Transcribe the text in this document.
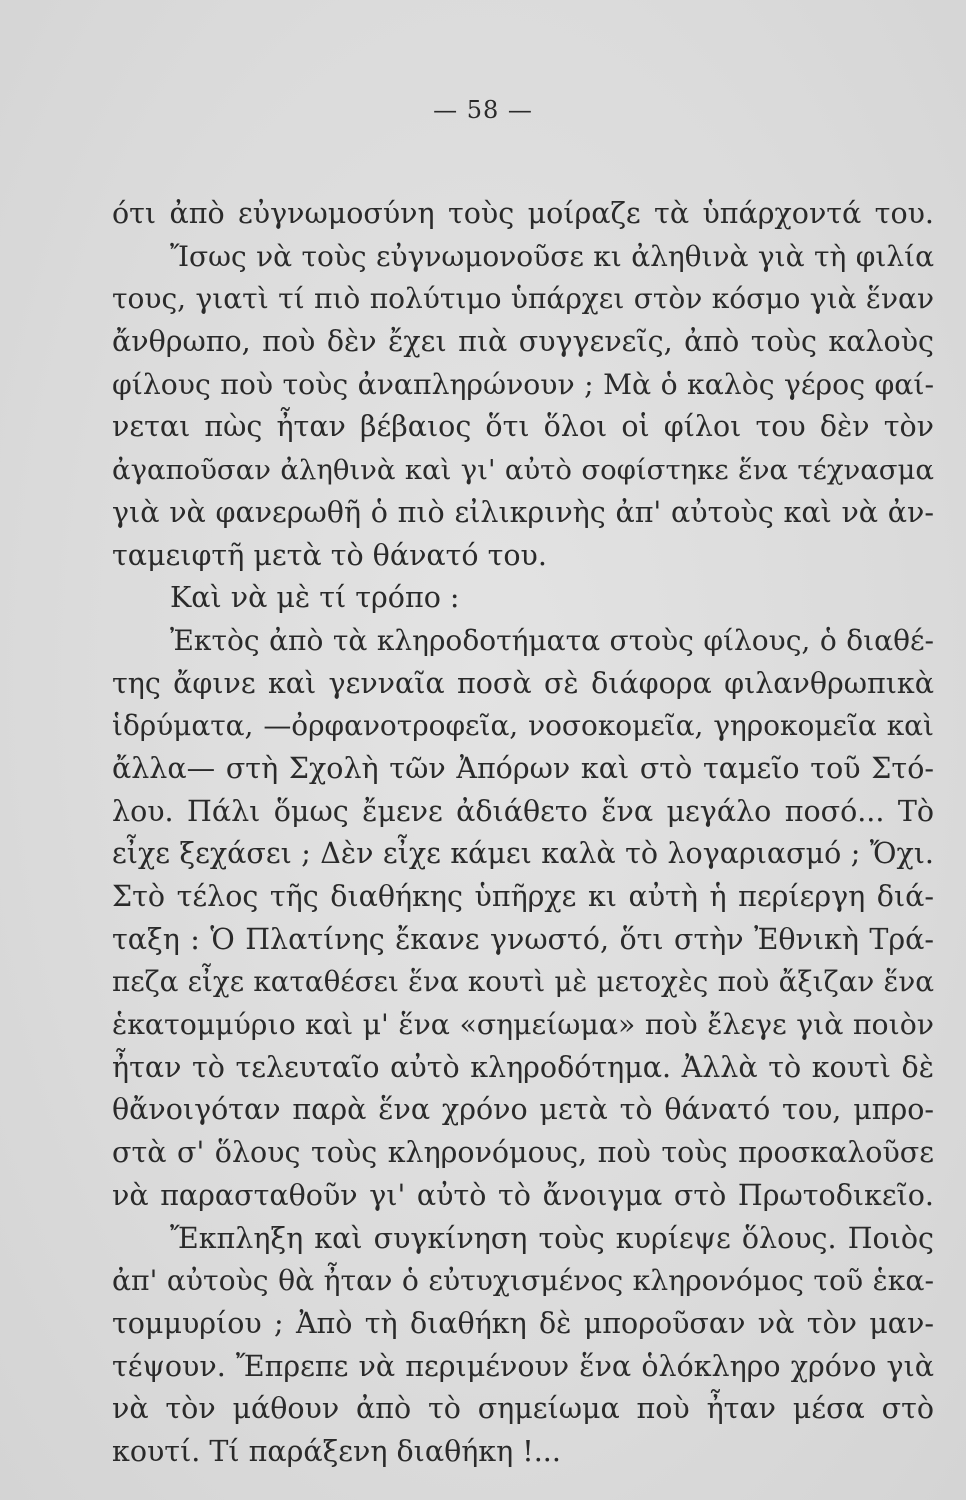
— 58 —
ότι ἀπὸ εὐγνωμοσύνη τοὺς μοίραζε τὰ ὑπάρχοντά του.
Ἴσως νὰ τοὺς εὐγνωμονοῦσε κι ἀληθινὰ γιὰ τὴ φιλία
τους, γιατὶ τί πιὸ πολύτιμο ὑπάρχει στὸν κόσμο γιὰ ἕναν
ἄνθρωπο, ποὺ δὲν ἔχει πιὰ συγγενεῖς, ἀπὸ τοὺς καλοὺς
φίλους ποὺ τοὺς ἀναπληρώνουν ; Μὰ ὁ καλὸς γέρος φαί-
νεται πὼς ἦταν βέβαιος ὅτι ὅλοι οἱ φίλοι του δὲν τὸν
ἀγαποῦσαν ἀληθινὰ καὶ γι' αὐτὸ σοφίστηκε ἕνα τέχνασμα
γιὰ νὰ φανερωθῆ ὁ πιὸ εἰλικρινὴς ἀπ' αὐτοὺς καὶ νὰ ἀν-
ταμειφτῆ μετὰ τὸ θάνατό του.
Καὶ νὰ μὲ τί τρόπο :
Ἐκτὸς ἀπὸ τὰ κληροδοτήματα στοὺς φίλους, ὁ διαθέ-
της ἄφινε καὶ γενναῖα ποσὰ σὲ διάφορα φιλανθρωπικὰ
ἱδρύματα, —ὀρφανοτροφεῖα, νοσοκομεῖα, γηροκομεῖα καὶ
ἄλλα— στὴ Σχολὴ τῶν Ἀπόρων καὶ στὸ ταμεῖο τοῦ Στό-
λου. Πάλι ὅμως ἔμενε ἀδιάθετο ἕνα μεγάλο ποσό... Τὸ
εἶχε ξεχάσει ; Δὲν εἶχε κάμει καλὰ τὸ λογαριασμό ; Ὄχι.
Στὸ τέλος τῆς διαθήκης ὑπῆρχε κι αὐτὴ ἡ περίεργη διά-
ταξη : Ὁ Πλατίνης ἔκανε γνωστό, ὅτι στὴν Ἐθνικὴ Τρά-
πεζα εἶχε καταθέσει ἕνα κουτὶ μὲ μετοχὲς ποὺ ἄξιζαν ἕνα
ἑκατομμύριο καὶ μ' ἕνα «σημείωμα» ποὺ ἔλεγε γιὰ ποιὸν
ἦταν τὸ τελευταῖο αὐτὸ κληροδότημα. Ἀλλὰ τὸ κουτὶ δὲ
θἄνοιγόταν παρὰ ἕνα χρόνο μετὰ τὸ θάνατό του, μπρο-
στὰ σ' ὅλους τοὺς κληρονόμους, ποὺ τοὺς προσκαλοῦσε
νὰ παρασταθοῦν γι' αὐτὸ τὸ ἄνοιγμα στὸ Πρωτοδικεῖο.
Ἔκπληξη καὶ συγκίνηση τοὺς κυρίεψε ὅλους. Ποιὸς
ἀπ' αὐτοὺς θὰ ἦταν ὁ εὐτυχισμένος κληρονόμος τοῦ ἑκα-
τομμυρίου ; Ἀπὸ τὴ διαθήκη δὲ μποροῦσαν νὰ τὸν μαν-
τέψουν. Ἔπρεπε νὰ περιμένουν ἕνα ὁλόκληρο χρόνο γιὰ
νὰ τὸν μάθουν ἀπὸ τὸ σημείωμα ποὺ ἦταν μέσα στὸ
κουτί. Τί παράξενη διαθήκη !...
